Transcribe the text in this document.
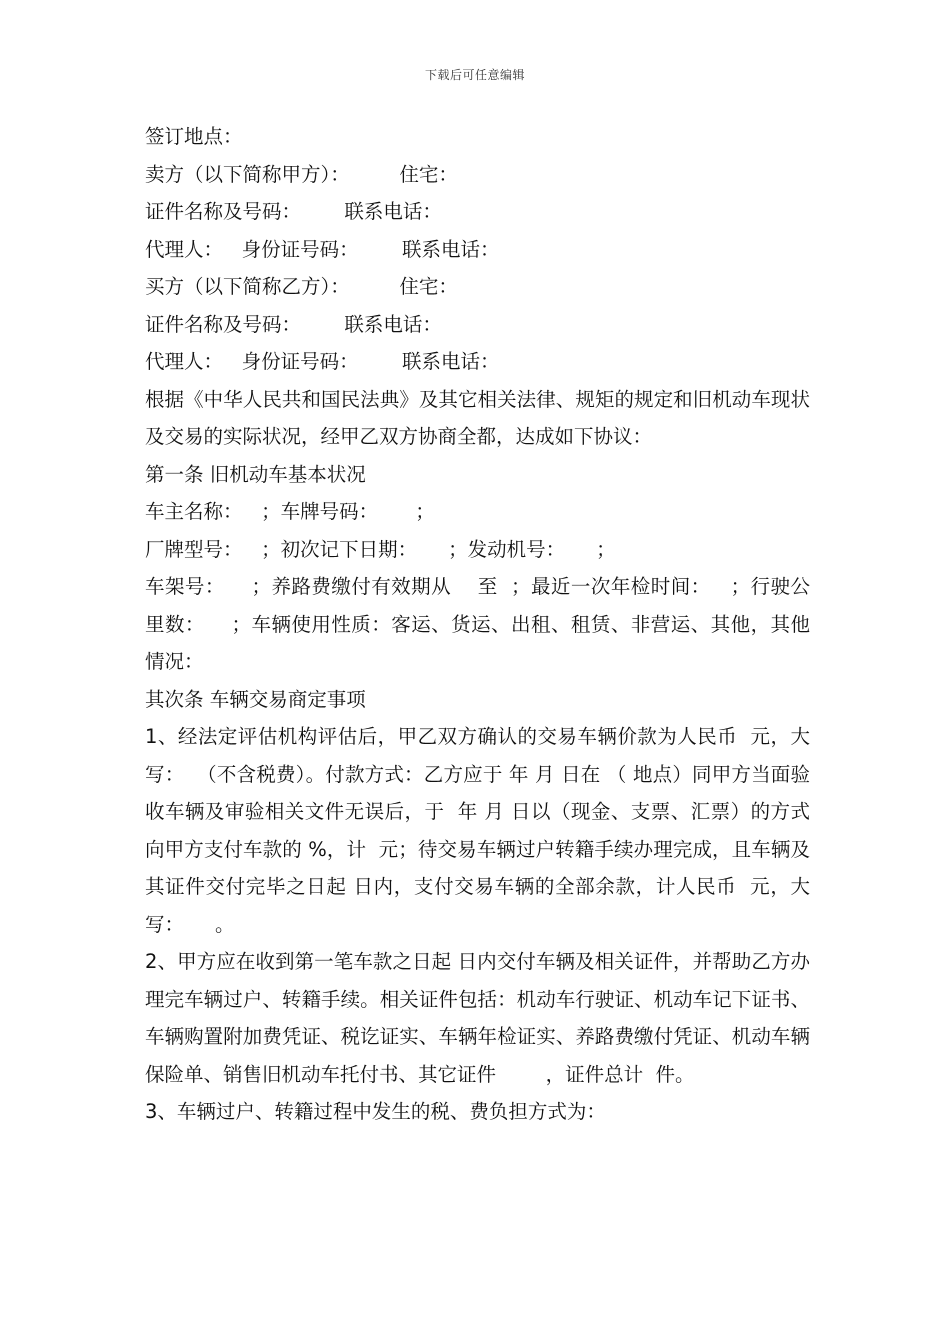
下载后可任意编辑
签订地点：
卖方（以下简称甲方）：        住宅：
证件名称及号码：       联系电话：
代理人：   身份证号码：       联系电话：
买方（以下简称乙方）：        住宅：
证件名称及号码：       联系电话：
代理人：   身份证号码：       联系电话：
根据《中华人民共和国民法典》及其它相关法律、规矩的规定和旧机动车现状及交易的实际状况，经甲乙双方协商全都，达成如下协议：
第一条 旧机动车基本状况
车主名称：   ；车牌号码：      ；
厂牌型号：   ；初次记下日期：     ；发动机号：     ；
车架号：    ；养路费缴付有效期从    至  ；最近一次年检时间：   ；行驶公里数：    ；车辆使用性质：客运、货运、出租、租赁、非营运、其他，其他情况：
其次条 车辆交易商定事项
1、经法定评估机构评估后，甲乙双方确认的交易车辆价款为人民币  元，大写：  （不含税费）。付款方式：乙方应于 年 月 日在 （ 地点）同甲方当面验收车辆及审验相关文件无误后，于  年 月 日以（现金、支票、汇票）的方式向甲方支付车款的 %，计  元；待交易车辆过户转籍手续办理完成，且车辆及其证件交付完毕之日起 日内，支付交易车辆的全部余款，计人民币  元，大写：     。
2、甲方应在收到第一笔车款之日起 日内交付车辆及相关证件，并帮助乙方办理完车辆过户、转籍手续。相关证件包括：机动车行驶证、机动车记下证书、车辆购置附加费凭证、税讫证实、车辆年检证实、养路费缴付凭证、机动车辆保险单、销售旧机动车托付书、其它证件        ，证件总计  件。
3、车辆过户、转籍过程中发生的税、费负担方式为：
